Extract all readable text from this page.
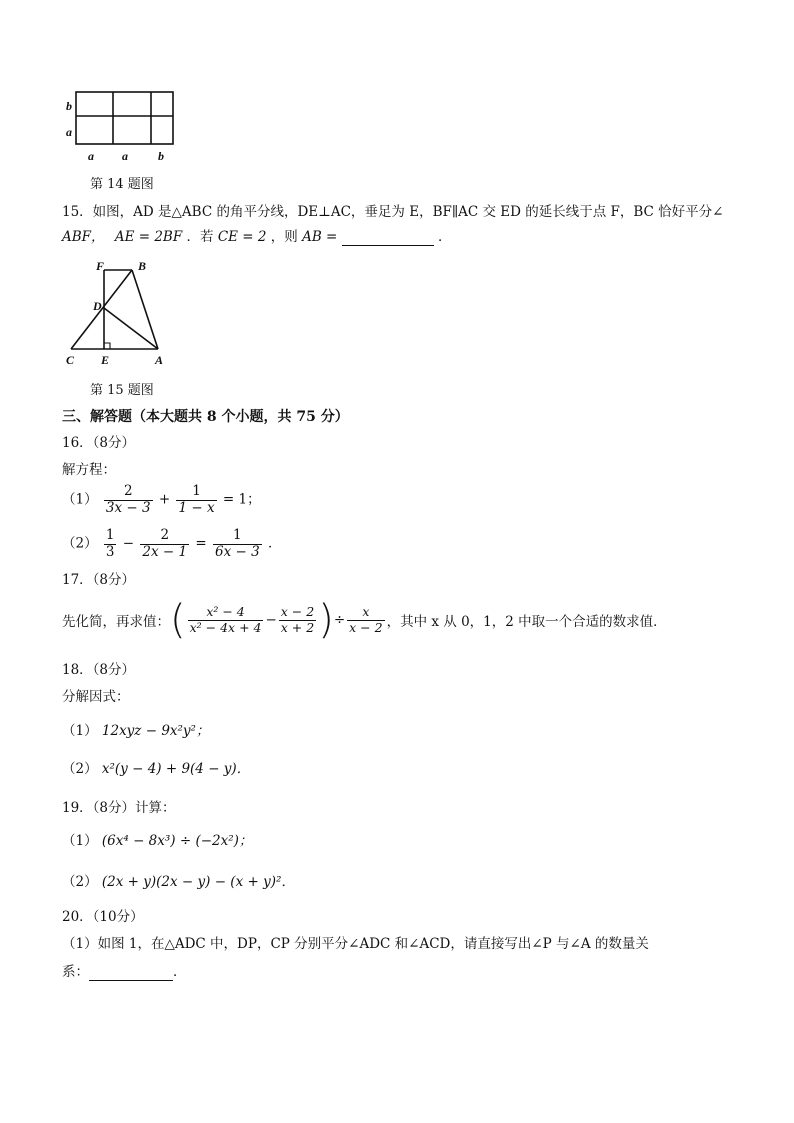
b
a
a a	b
第 14 题图
15．如图，AD 是△ABC 的角平分线，DE⊥AC，垂足为 E，BF∥AC 交 ED 的延长线于点 F，BC 恰好平分∠
ABF， AE = 2BF ．若 CE = 2 ，则 AB =	．
F	B
D
C E	A
第 15 题图
三、解答题（本大题共 8 个小题，共 75 分）
16．（8分）
解方程：
$(1) \frac{2}{3x - 3} + \frac{1}{1 - x} = 1$；
$(2) \frac{1}{3} - \frac{2}{2x - 1} = \frac{1}{6x - 3}$ ．
17．（8分）
先化简，再求值：( $\frac{\text{x² − 4}}{\text{x² − 4x + 4}} - \frac{x - 2}{x + 2}$ )÷ $\frac{x}{x - 2}$ ，其中 x 从 0，1，2 中取一个合适的数求值．
18．（8分）
分解因式：
（1） 12xyz − 9x²y²；
（2） x²(y − 4) + 9(4 − y)．
19．（8分）计算：
（1） (6x⁴ − 8x³) ÷ (−2x²)；
（2） (2x + y)(2x − y) − (x + y)²．
20．（10分）
（1）如图 1，在△ADC 中，DP，CP 分别平分∠ADC 和∠ACD，请直接写出∠P 与∠A 的数量关
系：	．
